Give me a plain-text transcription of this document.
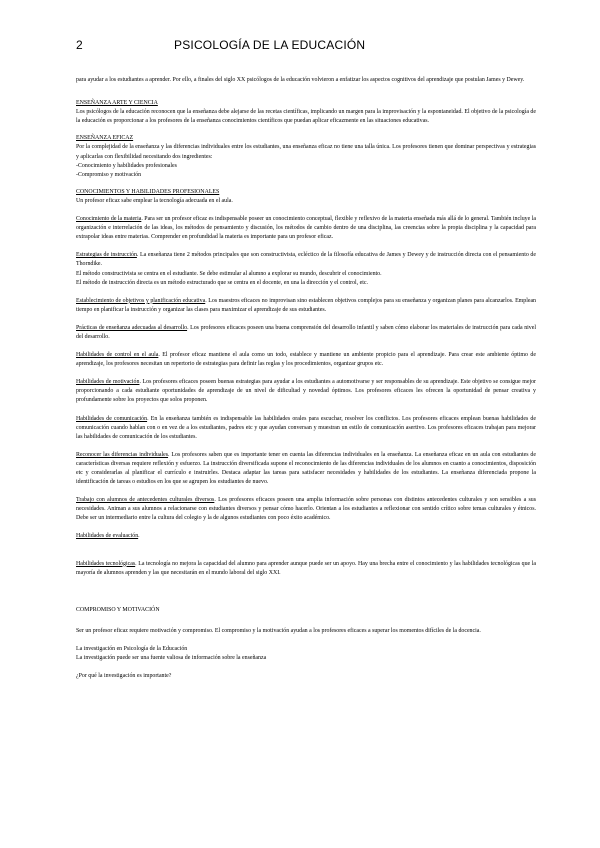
2	PSICOLOGÍA DE LA EDUCACIÓN

para ayudar a los estudiantes a aprender. Por ello, a finales del siglo XX psicólogos de la educación volvieron a enfatizar los aspectos cognitivos del aprendizaje que postulan James y Dewey.

ENSEÑANZA ARTE Y CIENCIA

Los psicólogos de la educación reconocen que la enseñanza debe alejarse de las recetas científicas, implicando un margen para la improvisación y la espontaneidad. El objetivo de la psicología de la educación es proporcionar a los profesores de la enseñanza conocimientos científicos que puedan aplicar eficazmente en las situaciones educativas.

ENSEÑANZA EFICAZ

Por la complejidad de la enseñanza y las diferencias individuales entre los estudiantes, una enseñanza eficaz no tiene una talla única. Los profesores tienen que dominar perspectivas y estrategias y aplicarlas con flexibilidad necesitando dos ingredientes:

-Conocimiento y habilidades profesionales

-Compromiso y motivación

CONOCIMIENTOS Y HABILIDADES PROFESIONALES

Un profesor eficaz sabe emplear la tecnología adecuada en el aula.

Conocimiento de la materia. Para ser un profesor eficaz es indispensable poseer un conocimiento conceptual, flexible y reflexivo de la materia enseñada más allá de lo general. También incluye la organización e interrelación de las ideas, los métodos de pensamiento y discusión, los métodos de cambio dentro de una disciplina, las creencias sobre la propia disciplina y la capacidad para extrapolar ideas entre materias. Comprender en profundidad la materia es importante para un profesor eficaz.

Estrategias de instrucción. La enseñanza tiene 2 métodos principales que son constructivista, ecléctico de la filosofía educativa de James y Dewey y de instrucción directa con el pensamiento de Thorndike.

El método constructivista se centra en el estudiante. Se debe estimular al alumno a explorar su mundo, descubrir el conocimiento.

El método de instrucción directa es un método estructurado que se centra en el docente, en una la dirección y el control, etc.

Establecimiento de objetivos y planificación educativa. Los maestros eficaces no improvisan sino establecen objetivos complejos para su enseñanza y organizan planes para alcanzarlos. Emplean tiempo en planificar la instrucción y organizar las clases para maximizar el aprendizaje de sus estudiantes.

Prácticas de enseñanza adecuadas al desarrollo. Los profesores eficaces poseen una buena comprensión del desarrollo infantil y saben cómo elaborar los materiales de instrucción para cada nivel del desarrollo.

Habilidades de control en el aula. El profesor eficaz mantiene el aula como un todo, establece y mantiene un ambiente propicio para el aprendizaje. Para crear este ambiente óptimo de aprendizaje, los profesores necesitan un repertorio de estrategias para definir las reglas y los procedimientos, organizar grupos etc.

Habilidades de motivación. Los profesores eficaces poseen buenas estrategias para ayudar a los estudiantes a automotivarse y ser responsables de su aprendizaje. Este objetivo se consigue mejor proporcionando a cada estudiante oportunidades de aprendizaje de un nivel de dificultad y novedad óptimos. Los profesores eficaces les ofrecen la oportunidad de pensar creativa y profundamente sobre los proyectos que solos proponen.

Habilidades de comunicación. En la enseñanza también es indispensable las habilidades orales para escuchar, resolver los conflictos. Los profesores eficaces emplean buenas habilidades de comunicación cuando hablan con o en vez de a los estudiantes, padres etc y que ayudan conversan y muestran un estilo de comunicación asertivo. Los profesores eficaces trabajan para mejorar las habilidades de comunicación de los estudiantes.

Reconocer las diferencias individuales. Los profesores saben que es importante tener en cuenta las diferencias individuales en la enseñanza. La enseñanza eficaz en un aula con estudiantes de características diversas requiere reflexión y esfuerzo. La instrucción diversificada supone el reconocimiento de las diferencias individuales de los alumnos en cuanto a conocimientos, disposición etc y considerarlas al planificar el currículo e instruirles. Destaca adaptar las tareas para satisfacer necesidades y habilidades de los estudiantes. La enseñanza diferenciada propone la identificación de tareas o estudios en los que se agrupen los estudiantes de nuevo.

Trabajo con alumnos de antecedentes culturales diversos. Los profesores eficaces poseen una amplia información sobre personas con distintos antecedentes culturales y son sensibles a sus necesidades. Animan a sus alumnos a relacionarse con estudiantes diversos y pensar cómo hacerlo. Orientan a los estudiantes a reflexionar con sentido crítico sobre temas culturales y étnicos. Debe ser un intermediario entre la cultura del colegio y la de algunos estudiantes con poco éxito académico.

Habilidades de evaluación.

Habilidades tecnológicas. La tecnología no mejora la capacidad del alumno para aprender aunque puede ser un apoyo. Hay una brecha entre el conocimiento y las habilidades tecnológicas que la mayoría de alumnos aprenden y las que necesitarán en el mundo laboral del siglo XXI.

COMPROMISO Y MOTIVACIÓN

Ser un profesor eficaz requiere motivación y compromiso. El compromiso y la motivación ayudan a los profesores eficaces a superar los momentos difíciles de la docencia.

La investigación en Psicología de la Educación

La investigación puede ser una fuente valiosa de información sobre la enseñanza

¿Por qué la investigación es importante?
